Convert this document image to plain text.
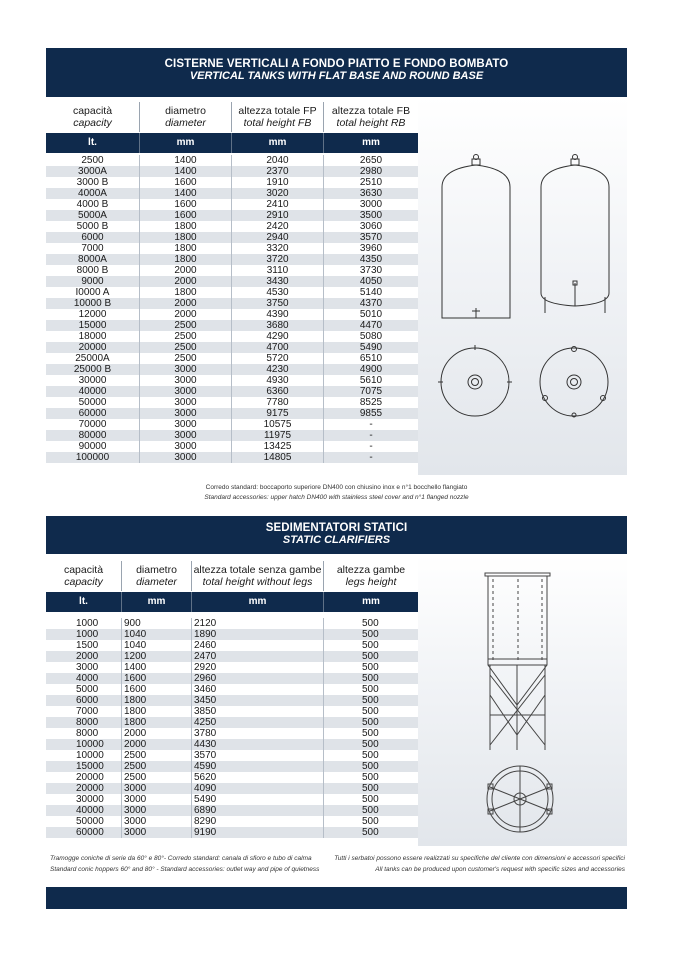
CISTERNE VERTICALI A FONDO PIATTO E FONDO BOMBATO
VERTICAL TANKS WITH FLAT BASE AND ROUND BASE
capacità
capacity
diametro
diameter
altezza totale FP
total height FB
altezza totale FB
total height RB
lt.	mm	mm	mm
2500	1400	2040	2650
3000A	1400	2370	2980
3000 B	1600	1910	2510
4000A	1400	3020	3630
4000 B	1600	2410	3000
5000A	1600	2910	3500
5000 B	1800	2420	3060
6000	1800	2940	3570
7000	1800	3320	3960
8000A	1800	3720	4350
8000 B	2000	3110	3730
9000	2000	3430	4050
I0000 A	1800	4530	5140
10000 B	2000	3750	4370
12000	2000	4390	5010
15000	2500	3680	4470
18000	2500	4290	5080
20000	2500	4700	5490
25000A	2500	5720	6510
25000 B	3000	4230	4900
30000	3000	4930	5610
40000	3000	6360	7075
50000	3000	7780	8525
60000	3000	9175	9855
70000	3000	10575	-
80000	3000	11975	-
90000	3000	13425	-
100000	3000	14805	-
Corredo standard: boccaporto superiore DN400 con chiusino inox e n°1 bocchello flangiato
Standard accessories: upper hatch DN400 with stainless steel cover and n°1 flanged nozzle
SEDIMENTATORI STATICI
STATIC CLARIFIERS
capacità
capacity
diametro
diameter
altezza totale senza gambe
total height without legs
altezza gambe
legs height
lt.	mm	mm	mm
1000	900	2120	500
1000	1040	1890	500
1500	1040	2460	500
2000	1200	2470	500
3000	1400	2920	500
4000	1600	2960	500
5000	1600	3460	500
6000	1800	3450	500
7000	1800	3850	500
8000	1800	4250	500
8000	2000	3780	500
10000	2000	4430	500
10000	2500	3570	500
15000	2500	4590	500
20000	2500	5620	500
20000	3000	4090	500
30000	3000	5490	500
40000	3000	6890	500
50000	3000	8290	500
60000	3000	9190	500
Tramogge coniche di serie da 60° e 80°- Corredo standard: canala di sfioro e tubo di calma
Standard conic hoppers 60° and 80° - Standard accessories: outlet way and pipe of quietness
Tutti i serbatoi possono essere realizzati su specifiche del cliente con dimensioni e accessori specifici
All tanks can be produced upon customer's request with specific sizes and accessories
